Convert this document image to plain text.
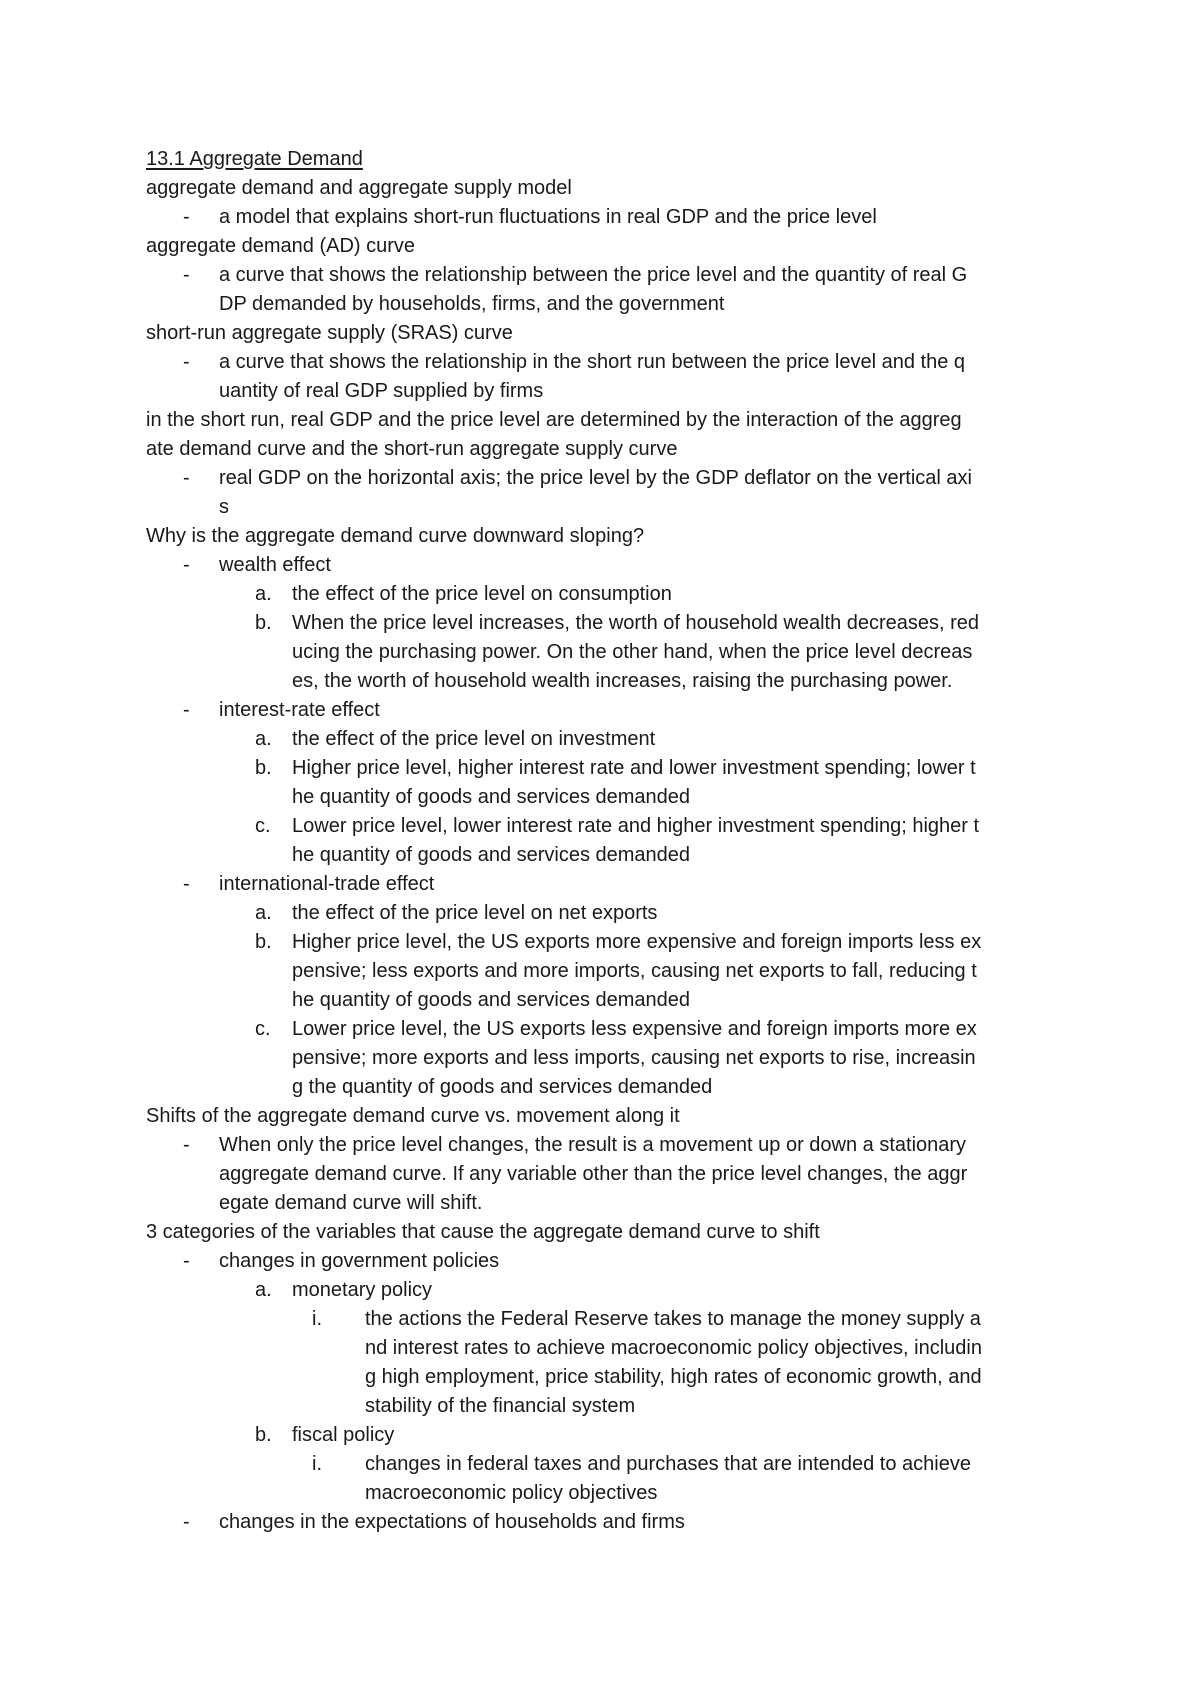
13.1 Aggregate Demand
aggregate demand and aggregate supply model
- a model that explains short-run fluctuations in real GDP and the price level
aggregate demand (AD) curve
- a curve that shows the relationship between the price level and the quantity of real G
DP demanded by households, firms, and the government
short-run aggregate supply (SRAS) curve
- a curve that shows the relationship in the short run between the price level and the q
uantity of real GDP supplied by firms
in the short run, real GDP and the price level are determined by the interaction of the aggreg
ate demand curve and the short-run aggregate supply curve
- real GDP on the horizontal axis; the price level by the GDP deflator on the vertical axi
s
Why is the aggregate demand curve downward sloping?
- wealth effect
a. the effect of the price level on consumption
b. When the price level increases, the worth of household wealth decreases, red
ucing the purchasing power. On the other hand, when the price level decreas
es, the worth of household wealth increases, raising the purchasing power.
- interest-rate effect
a. the effect of the price level on investment
b. Higher price level, higher interest rate and lower investment spending; lower t
he quantity of goods and services demanded
c. Lower price level, lower interest rate and higher investment spending; higher t
he quantity of goods and services demanded
- international-trade effect
a. the effect of the price level on net exports
b. Higher price level, the US exports more expensive and foreign imports less ex
pensive; less exports and more imports, causing net exports to fall, reducing t
he quantity of goods and services demanded
c. Lower price level, the US exports less expensive and foreign imports more ex
pensive; more exports and less imports, causing net exports to rise, increasin
g the quantity of goods and services demanded
Shifts of the aggregate demand curve vs. movement along it
- When only the price level changes, the result is a movement up or down a stationary
aggregate demand curve. If any variable other than the price level changes, the aggr
egate demand curve will shift.
3 categories of the variables that cause the aggregate demand curve to shift
- changes in government policies
a. monetary policy
i. the actions the Federal Reserve takes to manage the money supply a
nd interest rates to achieve macroeconomic policy objectives, includin
g high employment, price stability, high rates of economic growth, and
stability of the financial system
b. fiscal policy
i. changes in federal taxes and purchases that are intended to achieve
macroeconomic policy objectives
- changes in the expectations of households and firms
